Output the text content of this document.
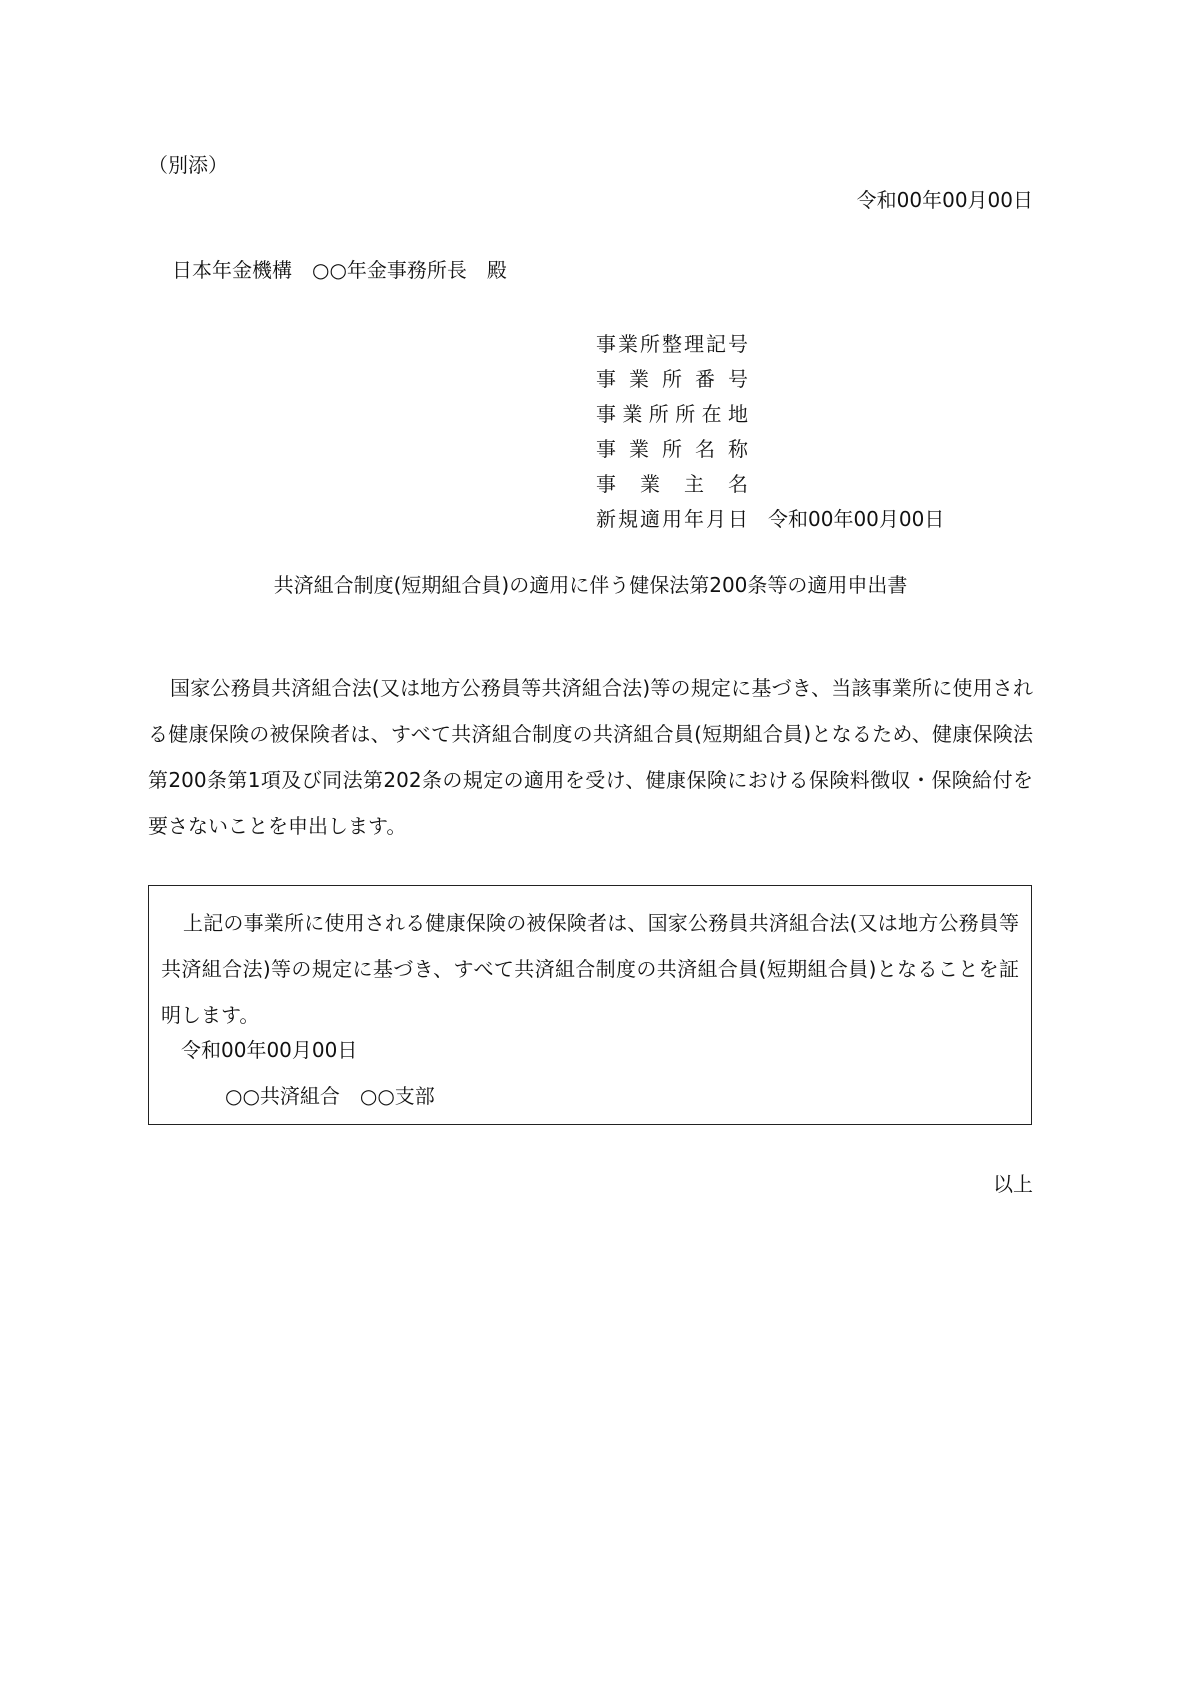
（別添）
令和00年00月00日
日本年金機構　○○年金事務所長　殿
事業所整理記号
事業所番号
事業所所在地
事業所名称
事業主名
新規適用年月日 令和00年00月00日
共済組合制度(短期組合員)の適用に伴う健保法第200条等の適用申出書
国家公務員共済組合法(又は地方公務員等共済組合法)等の規定に基づき、当該事業所に使用される健康保険の被保険者は、すべて共済組合制度の共済組合員(短期組合員)となるため、健康保険法第200条第1項及び同法第202条の規定の適用を受け、健康保険における保険料徴収・保険給付を要さないことを申出します。
上記の事業所に使用される健康保険の被保険者は、国家公務員共済組合法(又は地方公務員等共済組合法)等の規定に基づき、すべて共済組合制度の共済組合員(短期組合員)となることを証明します。
令和00年00月00日
○○共済組合　○○支部
以上
